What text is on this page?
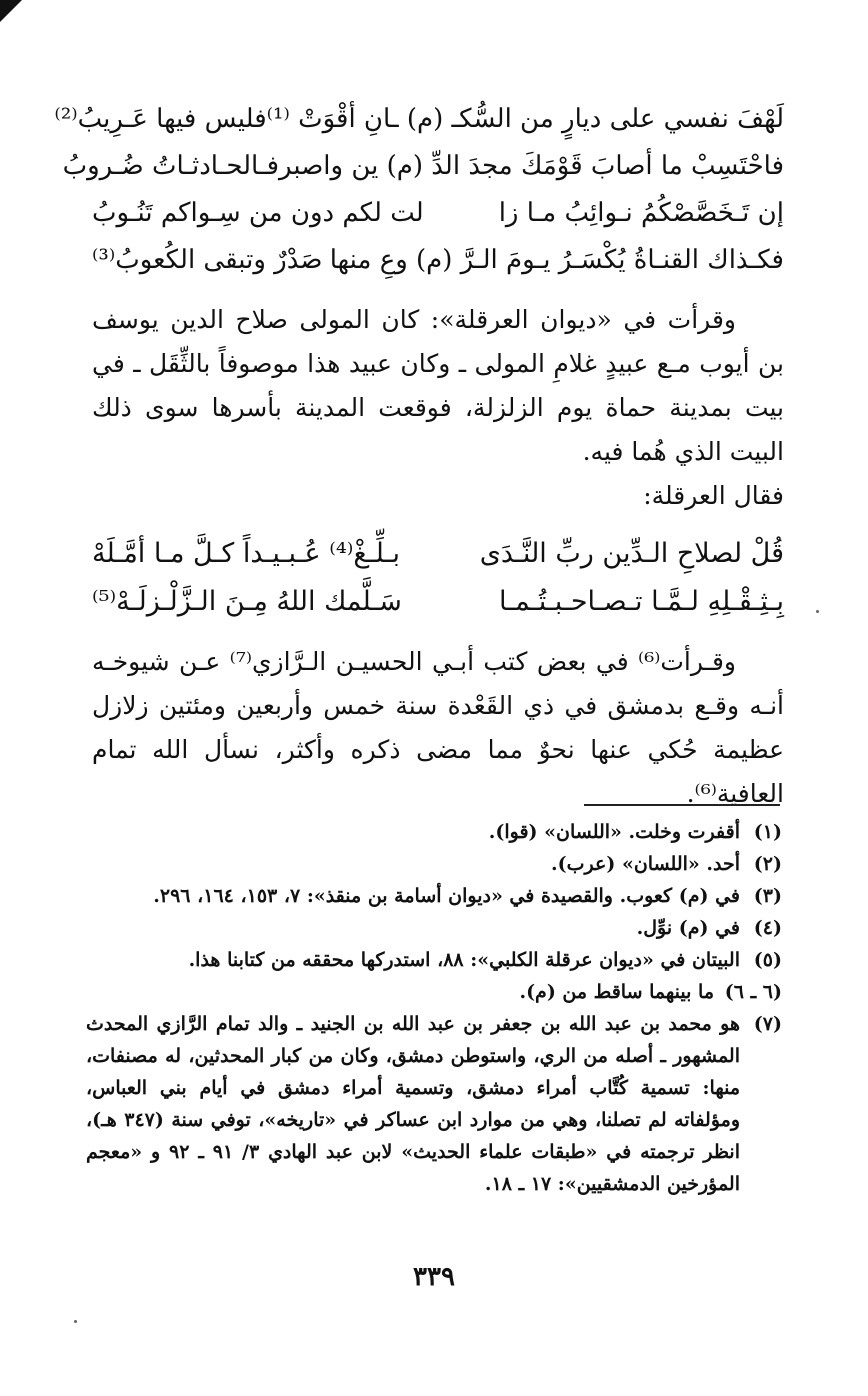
لَهْفَ نفسي على ديارٍ من السُّكـ (م) ـانِ أقْوَتْ ⁽¹⁾
فليس فيها عَـرِيبُ⁽²⁾
فاحْتَسِبْ ما أصابَ قَوْمَكَ مجدَ الدِّ (م) ين واصبر
فـالحـادثـاتُ ضُـروبُ
إن تَـخَصَّصْكُمُ نـوائِبُ مـا زا
لت لكم دون من سِـواكم تَنُـوبُ
فكـذاك القنـاةُ يُكْسَـرُ يـومَ الـرَّ (م) وعِ منها
صَدْرٌ وتبقى الكُعوبُ⁽³⁾

وقرأت في «ديوان العرقلة»: كان المولى صلاح الدين يوسف بن أيوب مـع عبيدٍ غلامِ المولى ـ وكان عبيد هذا موصوفاً بالثِّقَل ـ في بيت بمدينة حماة يوم الزلزلة، فوقعت المدينة بأسرها سوى ذلك البيت الذي هُما فيه.

فقال العرقلة:

قُلْ لصلاحِ الـدِّين ربِّ النَّـدَى
بـلِّـغْ⁽⁴⁾ عُـبـيـداً كـلَّ مـا أمَّـلَهْ
بِـثِـقْـلِهِ لـمَّـا تـصـاحـبـتُـمـا
سَـلَّمك اللهُ مِـنَ الـزَّلْـزلَـهْ⁽⁵⁾

وقـرأت⁽⁶⁾ في بعض كتب أبـي الحسيـن الـرَّازي⁽⁷⁾ عـن شيوخـه أنـه وقـع بدمشق في ذي القَعْدة سنة خمس وأربعين ومئتين زلازل عظيمة حُكي عنها نحوٌ مما مضى ذكره وأكثر، نسأل الله تمام العافية⁽⁶⁾.

(١)
أقفرت وخلت. «اللسان» (قوا).
(٢)
أحد. «اللسان» (عرب).
(٣)
في (م) كعوب. والقصيدة في «ديوان أسامة بن منقذ»: ٧، ١٥٣، ١٦٤، ٢٩٦.
(٤)
في (م) نوِّل.
(٥)
البيتان في «ديوان عرقلة الكلبي»: ٨٨، استدركها محققه من كتابنا هذا.
(٦ ـ ٦)
ما بينهما ساقط من (م).
(٧)
هو محمد بن عبد الله بن جعفر بن عبد الله بن الجنيد ـ والد تمام الرَّازي المحدث المشهور ـ أصله من الري، واستوطن دمشق، وكان من كبار المحدثين، له مصنفات، منها: تسمية كُتَّاب أمراء دمشق، وتسمية أمراء دمشق في أيام بني العباس، ومؤلفاته لم تصلنا، وهي من موارد ابن عساكر في «تاريخه»، توفي سنة (٣٤٧ هـ)، انظر ترجمته في «طبقات علماء الحديث» لابن عبد الهادي ٣/ ٩١ ـ ٩٢ و «معجم المؤرخين الدمشقيين»: ١٧ ـ ١٨.
٣٣٩
